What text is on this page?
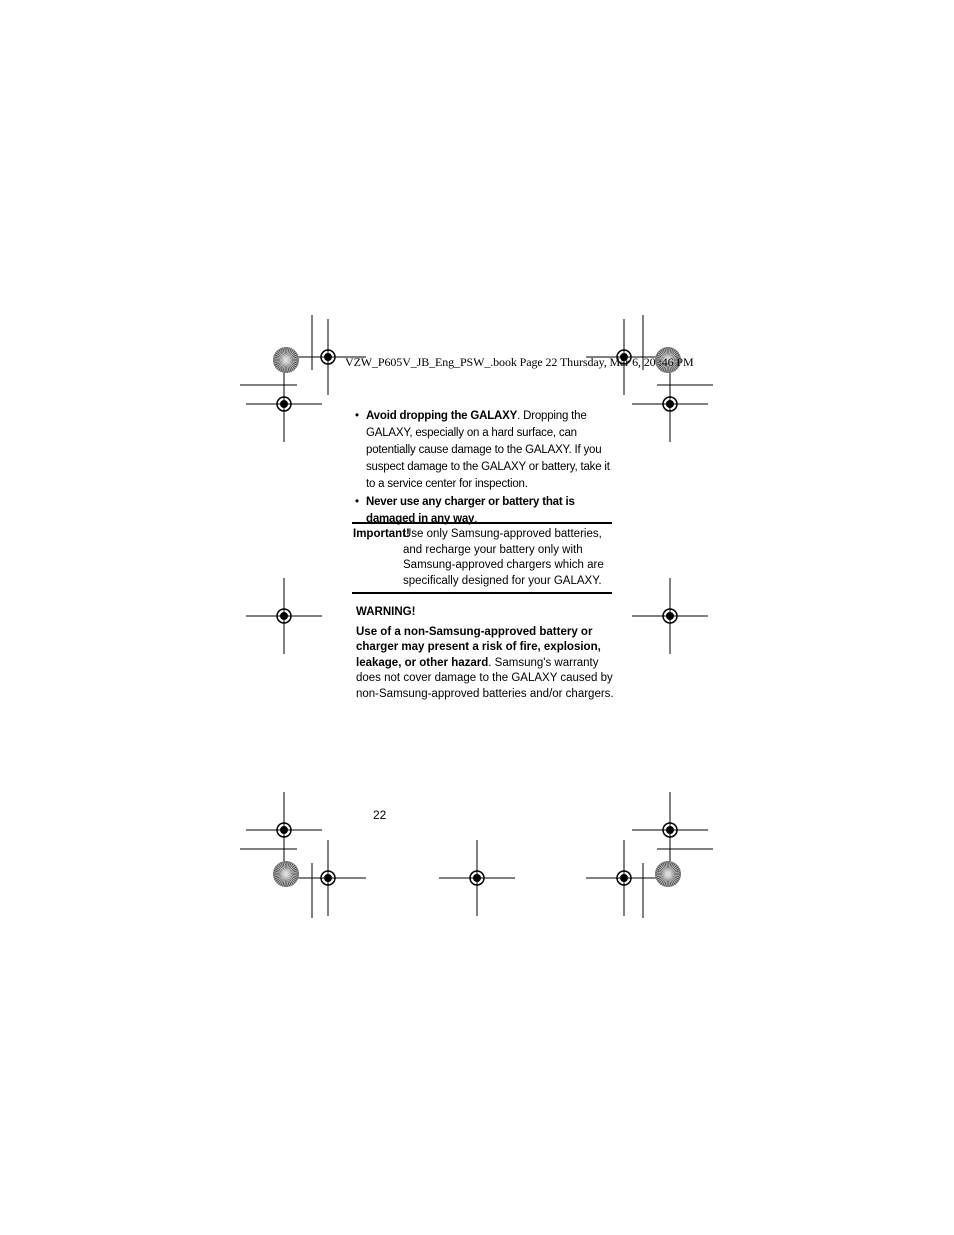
VZW_P605V_JB_Eng_PSW_.book Page 22 Thursday, Mar 6, 20 :46 PM
• Avoid dropping the GALAXY. Dropping the GALAXY, especially on a hard surface, can potentially cause damage to the GALAXY. If you suspect damage to the GALAXY or battery, take it to a service center for inspection.
• Never use any charger or battery that is damaged in any way.
Important!
Use only Samsung-approved batteries, and recharge your battery only with Samsung-approved chargers which are specifically designed for your GALAXY.

WARNING!

Use of a non-Samsung-approved battery or charger may present a risk of fire, explosion, leakage, or other hazard. Samsung's warranty does not cover damage to the GALAXY caused by non-Samsung-approved batteries and/or chargers.

22
